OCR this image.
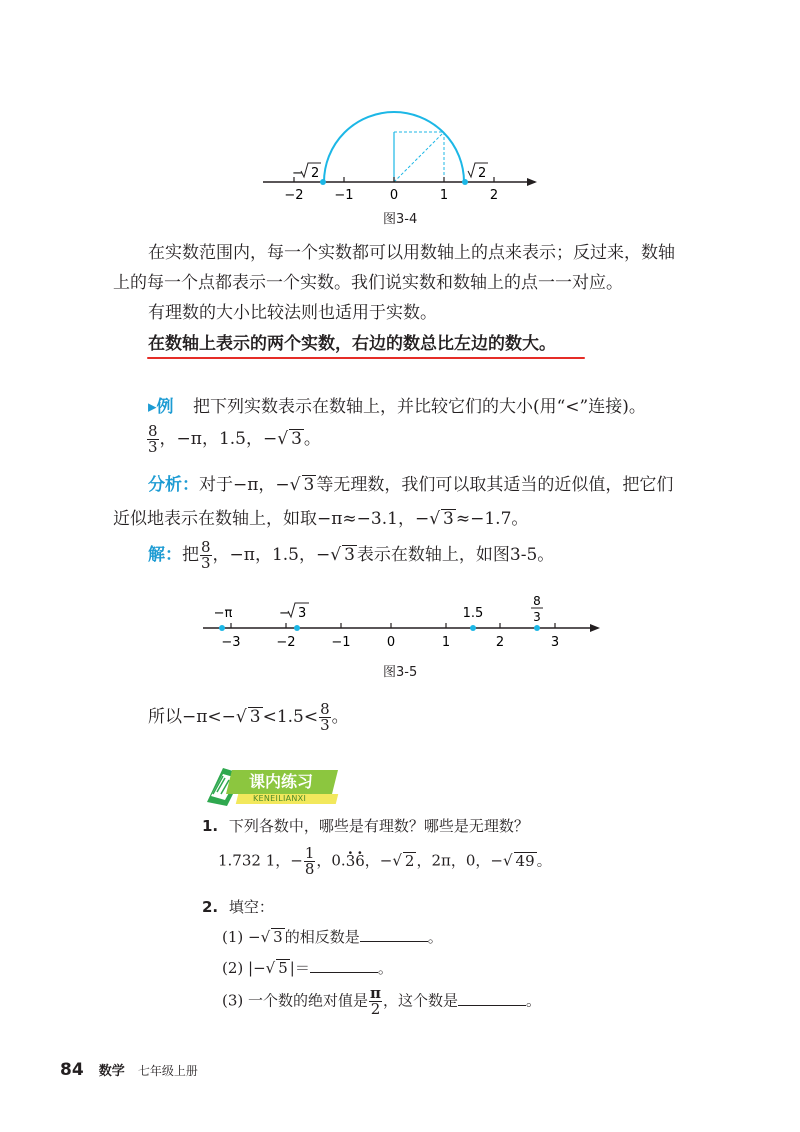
−2 −1	0	1	2
− 2	2
图3-4
在实数范围内，每一个实数都可以用数轴上的点来表示；反过来，数轴
上的每一个点都表示一个实数。我们说实数和数轴上的点一一对应。
有理数的大小比较法则也适用于实数。
在数轴上表示的两个实数，右边的数总比左边的数大。
▸例 把下列实数表示在数轴上，并比较它们的大小(用“<”连接)。
$\frac{8}{3}$ ，−π，1.5，−√ 3 。
分析：对于−π，−√ 3 等无理数，我们可以取其适当的近似值，把它们
近似地表示在数轴上，如取−π≈−3.1，−√ 3 ≈−1.7。
解：把 $\frac{8}{3}$ ，−π，1.5，−√ 3 表示在数轴上，如图3-5。
−3	−2	−1	0	1	2	3
−π	− 3	1.5
8
3
图3-5
所以−π<−√ $3 <1.5< \frac{8}{3}$ 。
课内练习
KENEILIANXI
1. 下列各数中，哪些是有理数？哪些是无理数？
1.732 1，− $\frac{1}{8}$ ，0.· 3· 6，−√ 2 ，2π，0，−√ 49 。
2. 填空：
(1) −√ 3 的相反数是	。
(2) |−√ 5 |＝	。
(3) 一个数的绝对值是 $\frac{\pi}{2}$ ，这个数是	。
84 数学 七年级上册
